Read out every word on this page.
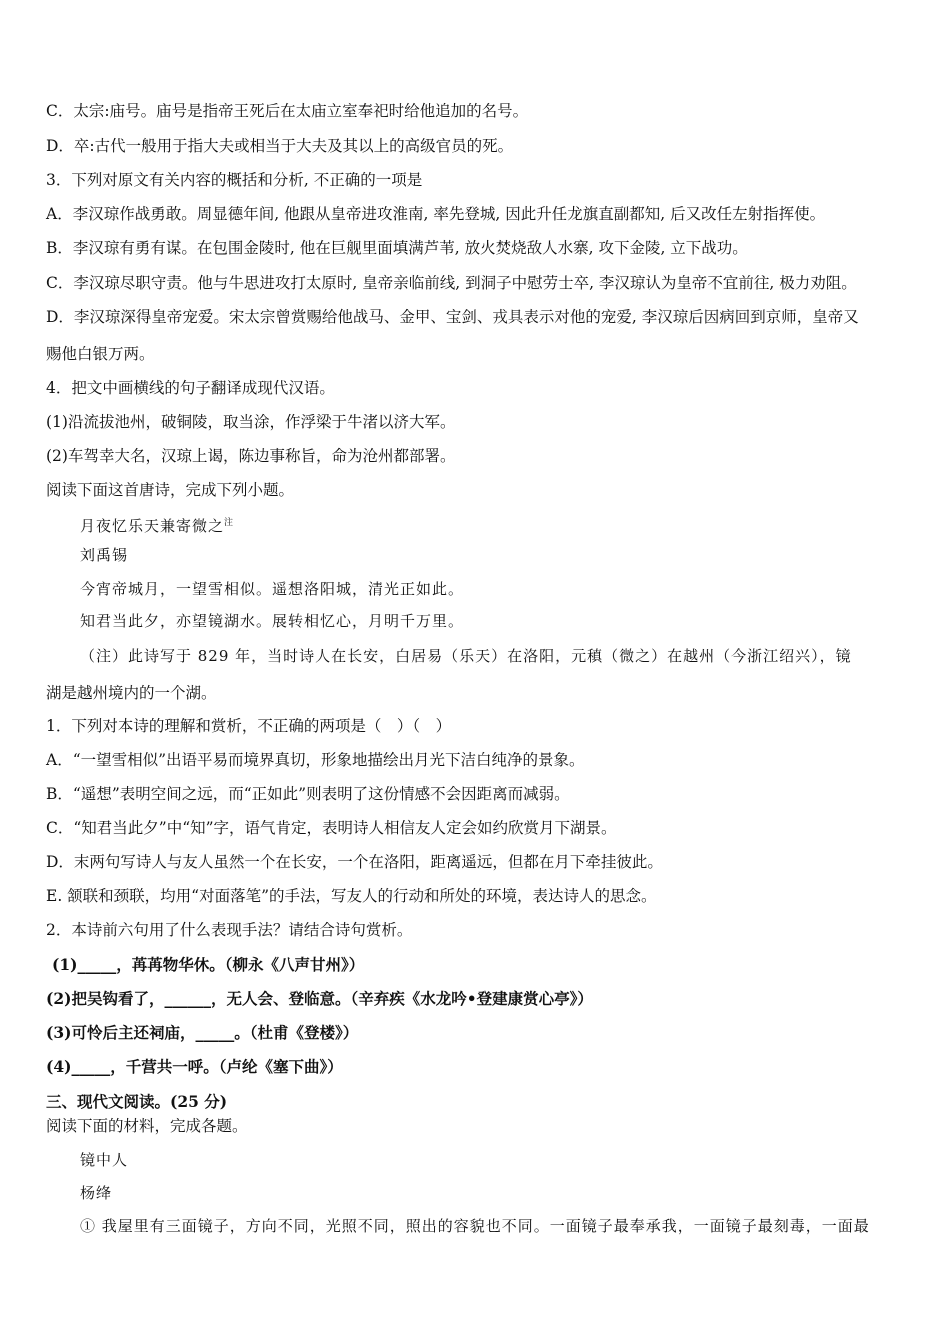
C．太宗:庙号。庙号是指帝王死后在太庙立室奉祀时给他追加的名号。
D．卒:古代一般用于指大夫或相当于大夫及其以上的高级官员的死。
3．下列对原文有关内容的概括和分析, 不正确的一项是
A．李汉琼作战勇敢。周显德年间, 他跟从皇帝进攻淮南, 率先登城, 因此升任龙旗直副都知, 后又改任左射指挥使。
B．李汉琼有勇有谋。在包围金陵时, 他在巨舰里面填满芦苇, 放火焚烧敌人水寨, 攻下金陵, 立下战功。
C．李汉琼尽职守责。他与牛思进攻打太原时, 皇帝亲临前线, 到洞子中慰劳士卒, 李汉琼认为皇帝不宜前往, 极力劝阻。
D．李汉琼深得皇帝宠爱。宋太宗曾赏赐给他战马、金甲、宝剑、戎具表示对他的宠爱, 李汉琼后因病回到京师，皇帝又
赐他白银万两。
4．把文中画横线的句子翻译成现代汉语。
(1)沿流拔池州，破铜陵，取当涂，作浮梁于牛渚以济大军。
(2)车驾幸大名，汉琼上谒，陈边事称旨，命为沧州都部署。
阅读下面这首唐诗，完成下列小题。
月夜忆乐天兼寄微之$^注$
刘禹锡
今宵帝城月，一望雪相似。遥想洛阳城，清光正如此。
知君当此夕，亦望镜湖水。展转相忆心，月明千万里。
（注）此诗写于 829 年，当时诗人在长安，白居易（乐天）在洛阳，元稹（微之）在越州（今浙江绍兴），镜
湖是越州境内的一个湖。
1．下列对本诗的理解和赏析，不正确的两项是（　）（　）
A．“一望雪相似”出语平易而境界真切，形象地描绘出月光下洁白纯净的景象。
B．“遥想”表明空间之远，而“正如此”则表明了这份情感不会因距离而减弱。
C．“知君当此夕”中“知”字，语气肯定，表明诗人相信友人定会如约欣赏月下湖景。
D．末两句写诗人与友人虽然一个在长安，一个在洛阳，距离遥远，但都在月下牵挂彼此。
E. 颔联和颈联，均用“对面落笔”的手法，写友人的行动和所处的环境，表达诗人的思念。
2．本诗前六句用了什么表现手法？请结合诗句赏析。
(1)_____，苒苒物华休。（柳永《八声甘州》）
(2)把吴钩看了，______，无人会、登临意。（辛弃疾《水龙吟•登建康赏心亭》）
(3)可怜后主还祠庙，_____。（杜甫《登楼》）
(4)_____，千营共一呼。（卢纶《塞下曲》）
三、现代文阅读。(25 分)
阅读下面的材料，完成各题。
镜中人
杨绛
① 我屋里有三面镜子，方向不同，光照不同，照出的容貌也不同。一面镜子最奉承我，一面镜子最刻毒，一面最
